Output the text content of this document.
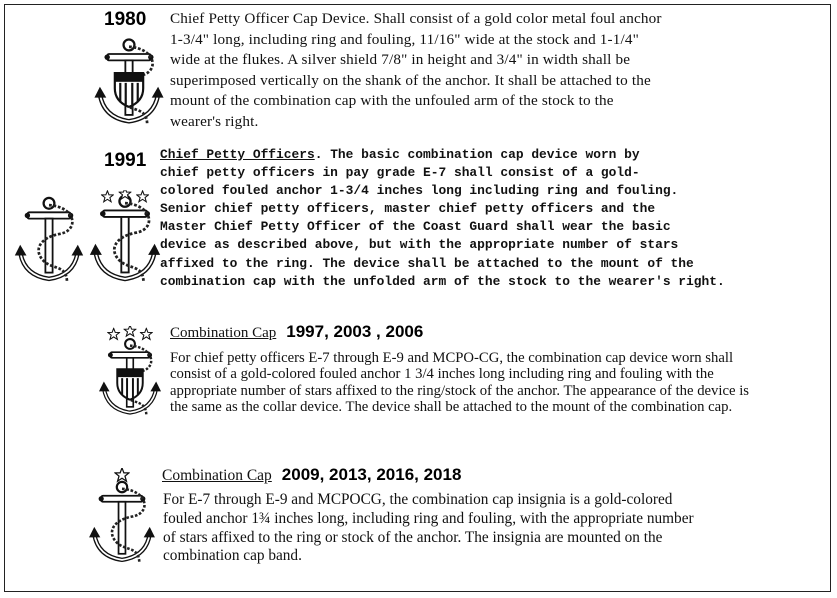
1980 Chief Petty Officer Cap Device. Shall consist of a gold color metal foul anchor
1-3/4" long, including ring and fouling, 11/16" wide at the stock and 1-1/4"
wide at the flukes. A silver shield 7/8" in height and 3/4" in width shall be
superimposed vertically on the shank of the anchor. It shall be attached to the
mount of the combination cap with the unfouled arm of the stock to the
wearer's right.
1991 Chief Petty Officers. The basic combination cap device worn by
chief petty officers in pay grade E-7 shall consist of a gold-
colored fouled anchor 1-3/4 inches long including ring and fouling.
Senior chief petty officers, master chief petty officers and the
Master Chief Petty Officer of the Coast Guard shall wear the basic
device as described above, but with the appropriate number of stars
affixed to the ring. The device shall be attached to the mount of the
combination cap with the unfolded arm of the stock to the wearer's right.
Combination Cap 1997, 2003 , 2006
For chief petty officers E-7 through E-9 and MCPO-CG, the combination cap device worn shall
consist of a gold-colored fouled anchor 1 3/4 inches long including ring and fouling with the
appropriate number of stars affixed to the ring/stock of the anchor. The appearance of the device is
the same as the collar device. The device shall be attached to the mount of the combination cap.
Combination Cap 2009, 2013, 2016, 2018
For E-7 through E-9 and MCPOCG, the combination cap insignia is a gold-colored
fouled anchor 1¾ inches long, including ring and fouling, with the appropriate number
of stars affixed to the ring or stock of the anchor. The insignia are mounted on the
combination cap band.
